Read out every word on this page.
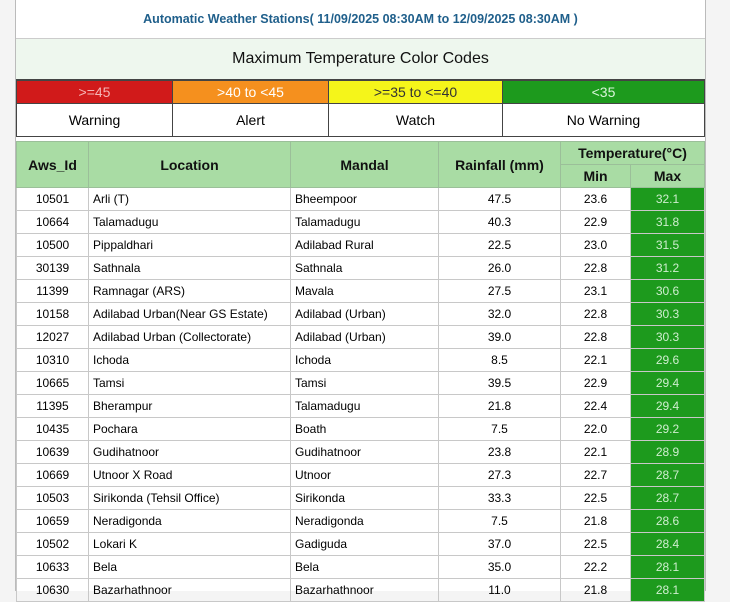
Automatic Weather Stations( 11/09/2025 08:30AM to 12/09/2025 08:30AM )
Maximum Temperature Color Codes
>=45	>40 to <45	>=35 to <=40	<35
Warning	Alert	Watch	No Warning
Aws_Id	Location	Mandal	Rainfall (mm)	Temperature(°C)	
				Min	Max
10501	Arli (T)	Bheempoor	47.5	23.6	32.1
10664	Talamadugu	Talamadugu	40.3	22.9	31.8
10500	Pippaldhari	Adilabad Rural	22.5	23.0	31.5
30139	Sathnala	Sathnala	26.0	22.8	31.2
11399	Ramnagar (ARS)	Mavala	27.5	23.1	30.6
10158	Adilabad Urban(Near GS Estate)	Adilabad (Urban)	32.0	22.8	30.3
12027	Adilabad Urban (Collectorate)	Adilabad (Urban)	39.0	22.8	30.3
10310	Ichoda	Ichoda	8.5	22.1	29.6
10665	Tamsi	Tamsi	39.5	22.9	29.4
11395	Bherampur	Talamadugu	21.8	22.4	29.4
10435	Pochara	Boath	7.5	22.0	29.2
10639	Gudihatnoor	Gudihatnoor	23.8	22.1	28.9
10669	Utnoor X Road	Utnoor	27.3	22.7	28.7
10503	Sirikonda (Tehsil Office)	Sirikonda	33.3	22.5	28.7
10659	Neradigonda	Neradigonda	7.5	21.8	28.6
10502	Lokari K	Gadiguda	37.0	22.5	28.4
10633	Bela	Bela	35.0	22.2	28.1
10630	Bazarhathnoor	Bazarhathnoor	11.0	21.8	28.1
